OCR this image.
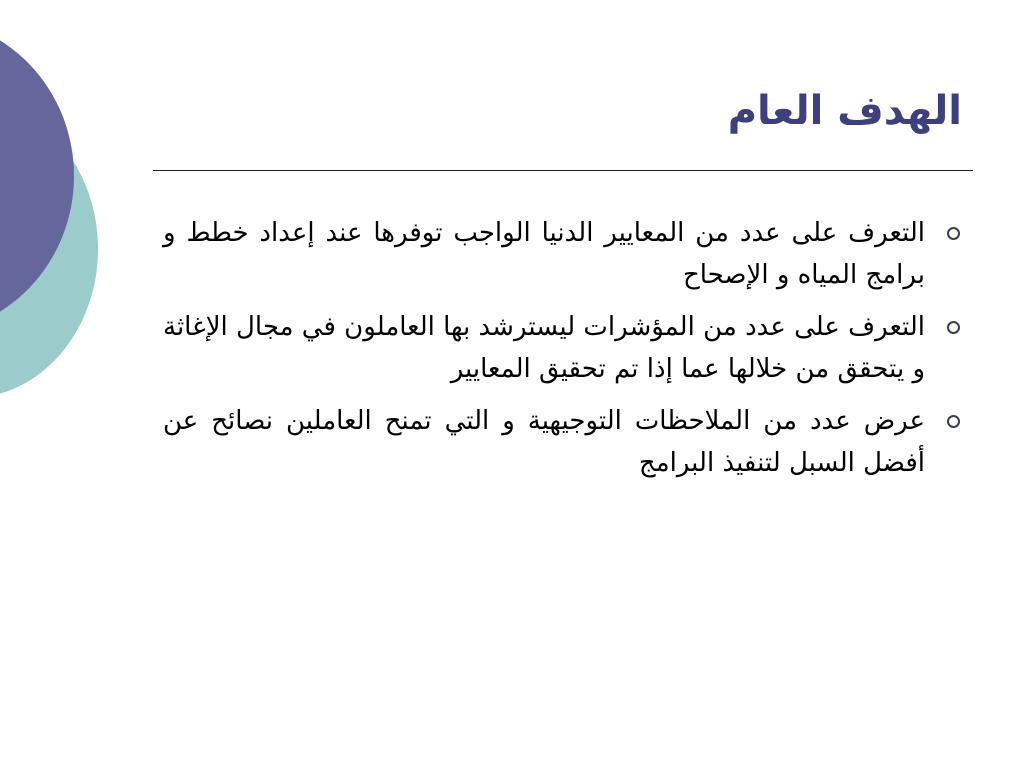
الهدف العام
التعرف على عدد من المعايير الدنيا الواجب توفرها عند إعداد خطط و برامج المياه و الإصحاح
التعرف على عدد من المؤشرات ليسترشد بها العاملون في مجال الإغاثة و يتحقق من خلالها عما إذا تم تحقيق المعايير
عرض عدد من الملاحظات التوجيهية و التي تمنح العاملين نصائح عن أفضل السبل لتنفيذ البرامج
